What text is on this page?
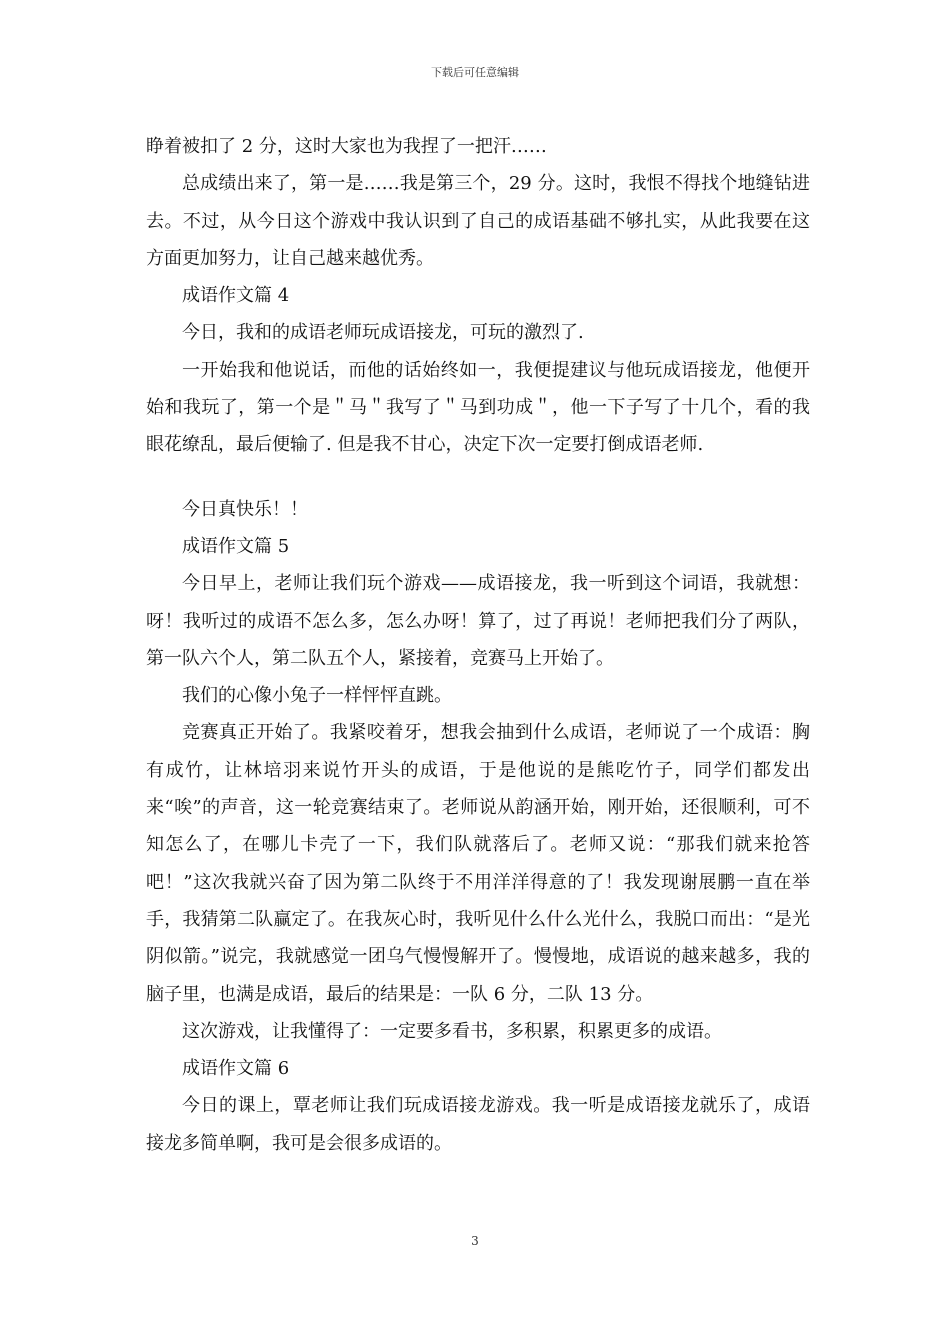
下载后可任意编辑

睁着被扣了 2 分，这时大家也为我捏了一把汗……

总成绩出来了，第一是……我是第三个，29 分。这时，我恨不得找个地缝钻进去。不过，从今日这个游戏中我认识到了自己的成语基础不够扎实，从此我要在这方面更加努力，让自己越来越优秀。

成语作文篇 4

今日，我和的成语老师玩成语接龙，可玩的激烈了.

一开始我和他说话，而他的话始终如一，我便提建议与他玩成语接龙，他便开始和我玩了，第一个是＂马＂我写了＂马到功成＂，他一下子写了十几个，看的我眼花缭乱，最后便输了. 但是我不甘心，决定下次一定要打倒成语老师.

今日真快乐！！

成语作文篇 5

今日早上，老师让我们玩个游戏——成语接龙，我一听到这个词语，我就想：呀！我听过的成语不怎么多，怎么办呀！算了，过了再说！老师把我们分了两队，第一队六个人，第二队五个人，紧接着，竞赛马上开始了。

我们的心像小兔子一样怦怦直跳。

竞赛真正开始了。我紧咬着牙，想我会抽到什么成语，老师说了一个成语：胸有成竹，让林培羽来说竹开头的成语，于是他说的是熊吃竹子，同学们都发出来“唉”的声音，这一轮竞赛结束了。老师说从韵涵开始，刚开始，还很顺利，可不知怎么了，在哪儿卡壳了一下，我们队就落后了。老师又说：“那我们就来抢答吧！”这次我就兴奋了因为第二队终于不用洋洋得意的了！我发现谢展鹏一直在举手，我猜第二队赢定了。在我灰心时，我听见什么什么光什么，我脱口而出：“是光阴似箭。”说完，我就感觉一团乌气慢慢解开了。慢慢地，成语说的越来越多，我的脑子里，也满是成语，最后的结果是：一队 6 分，二队 13 分。

这次游戏，让我懂得了：一定要多看书，多积累，积累更多的成语。

成语作文篇 6

今日的课上，覃老师让我们玩成语接龙游戏。我一听是成语接龙就乐了，成语接龙多简单啊，我可是会很多成语的。

3
